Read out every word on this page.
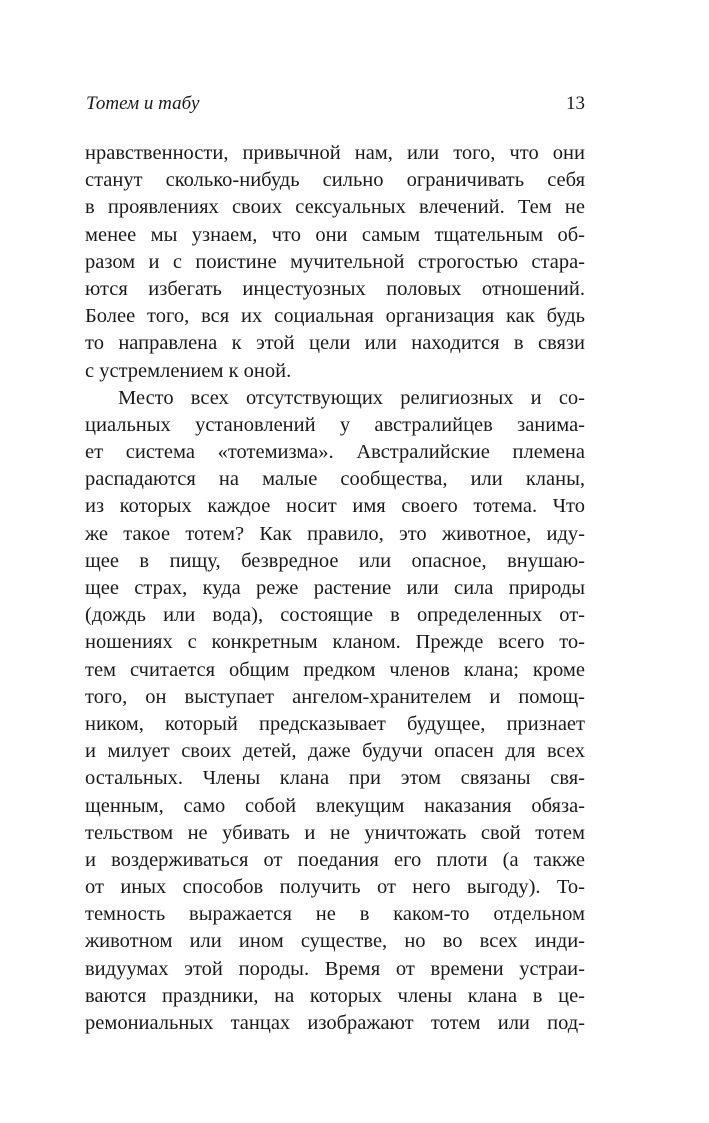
Тотем и табу	13
нравственности, привычной нам, или того, что они
станут сколько-нибудь сильно ограничивать себя
в проявлениях своих сексуальных влечений. Тем не
менее мы узнаем, что они самым тщательным об-
разом и с поистине мучительной строгостью стара-
ются избегать инцестуозных половых отношений.
Более того, вся их социальная организация как будь
то направлена к этой цели или находится в связи
с устремлением к оной.
Место всех отсутствующих религиозных и со-
циальных установлений у австралийцев занима-
ет система «тотемизма». Австралийские племена
распадаются на малые сообщества, или кланы,
из которых каждое носит имя своего тотема. Что
же такое тотем? Как правило, это животное, иду-
щее в пищу, безвредное или опасное, внушаю-
щее страх, куда реже растение или сила природы
(дождь или вода), состоящие в определенных от-
ношениях с конкретным кланом. Прежде всего то-
тем считается общим предком членов клана; кроме
того, он выступает ангелом-хранителем и помощ-
ником, который предсказывает будущее, признает
и милует своих детей, даже будучи опасен для всех
остальных. Члены клана при этом связаны свя-
щенным, само собой влекущим наказания обяза-
тельством не убивать и не уничтожать свой тотем
и воздерживаться от поедания его плоти (а также
от иных способов получить от него выгоду). То-
темность выражается не в каком-то отдельном
животном или ином существе, но во всех инди-
видуумах этой породы. Время от времени устраи-
ваются праздники, на которых члены клана в це-
ремониальных танцах изображают тотем или под-
